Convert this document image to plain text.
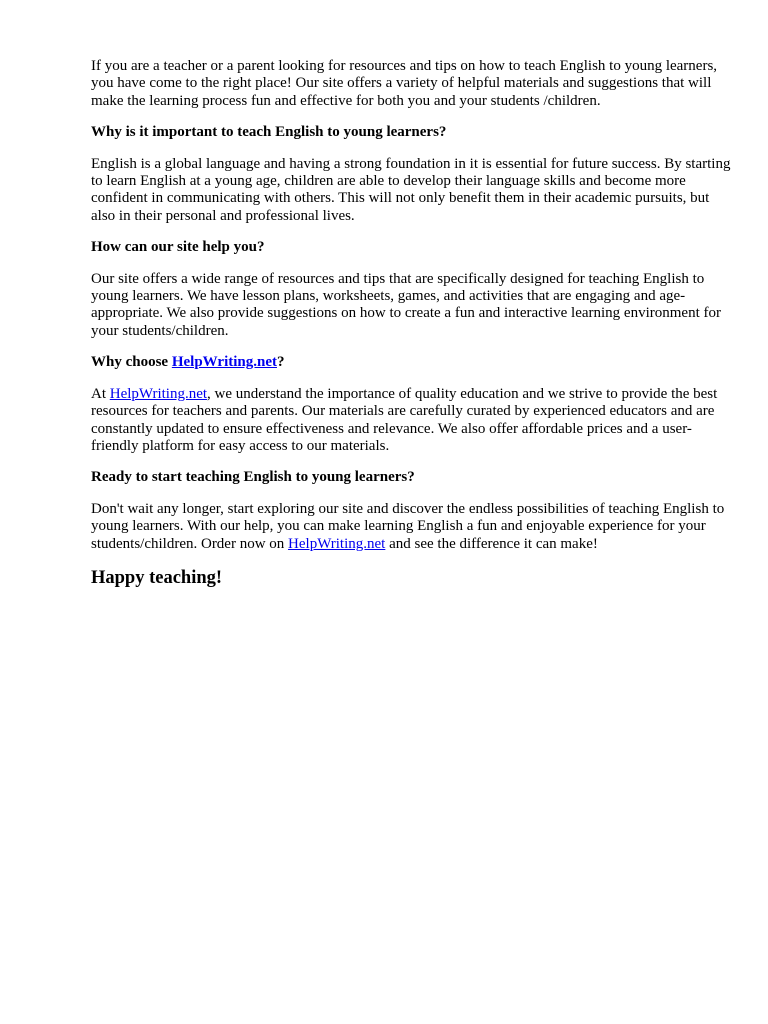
If you are a teacher or a parent looking for resources and tips on how to teach English to young learners, you have come to the right place! Our site offers a variety of helpful materials and suggestions that will make the learning process fun and effective for both you and your students /children.

Why is it important to teach English to young learners?

English is a global language and having a strong foundation in it is essential for future success. By starting to learn English at a young age, children are able to develop their language skills and become more confident in communicating with others. This will not only benefit them in their academic pursuits, but also in their personal and professional lives.

How can our site help you?

Our site offers a wide range of resources and tips that are specifically designed for teaching English to young learners. We have lesson plans, worksheets, games, and activities that are engaging and age-appropriate. We also provide suggestions on how to create a fun and interactive learning environment for your students/children.

Why choose HelpWriting.net?

At HelpWriting.net, we understand the importance of quality education and we strive to provide the best resources for teachers and parents. Our materials are carefully curated by experienced educators and are constantly updated to ensure effectiveness and relevance. We also offer affordable prices and a user-friendly platform for easy access to our materials.

Ready to start teaching English to young learners?

Don't wait any longer, start exploring our site and discover the endless possibilities of teaching English to young learners. With our help, you can make learning English a fun and enjoyable experience for your students/children. Order now on HelpWriting.net and see the difference it can make!

Happy teaching!
